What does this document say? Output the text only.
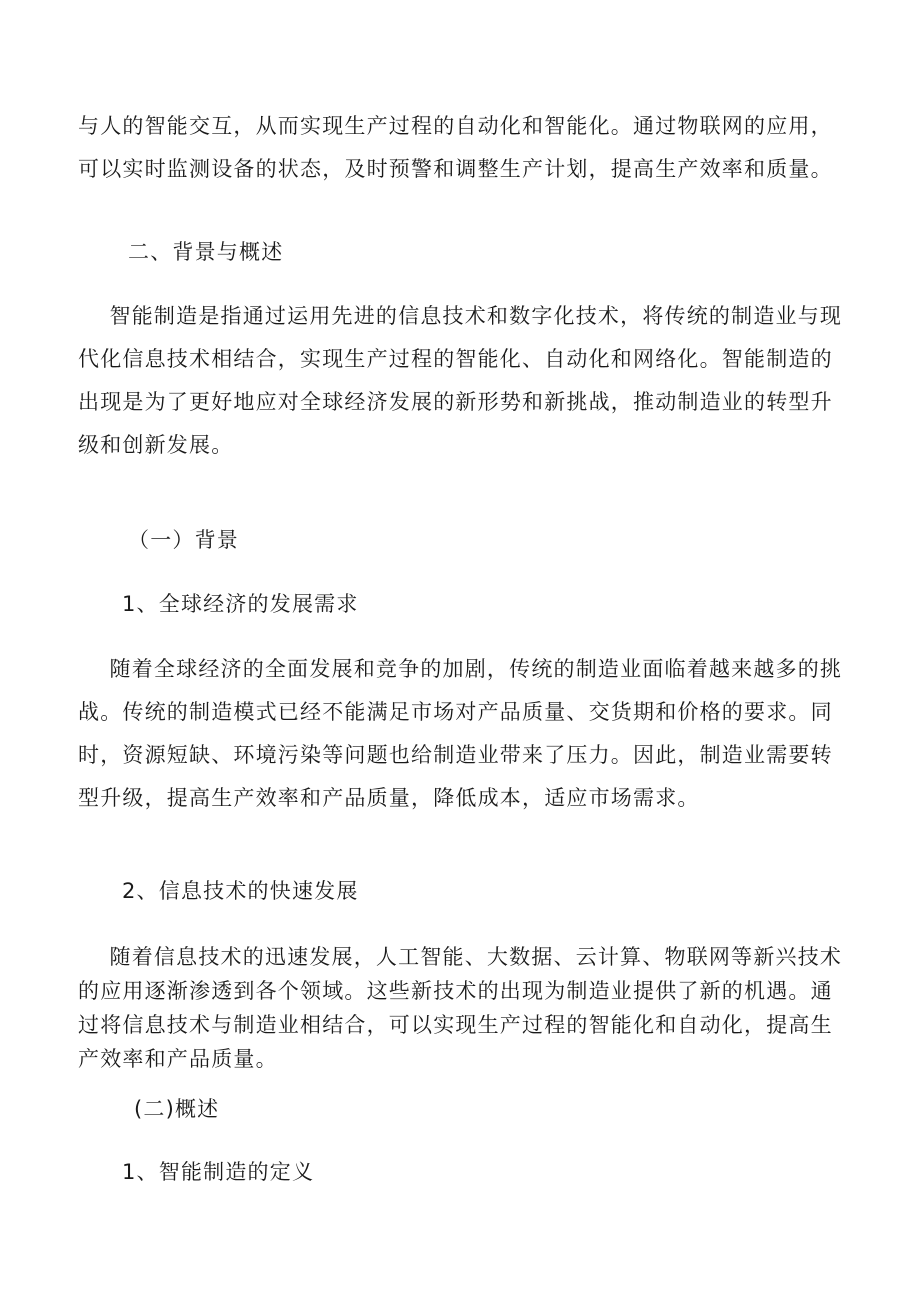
与人的智能交互，从而实现生产过程的自动化和智能化。通过物联网的应用，可以实时监测设备的状态，及时预警和调整生产计划，提高生产效率和质量。

二、背景与概述

智能制造是指通过运用先进的信息技术和数字化技术，将传统的制造业与现代化信息技术相结合，实现生产过程的智能化、自动化和网络化。智能制造的出现是为了更好地应对全球经济发展的新形势和新挑战，推动制造业的转型升级和创新发展。

（一）背景
1、全球经济的发展需求

随着全球经济的全面发展和竞争的加剧，传统的制造业面临着越来越多的挑战。传统的制造模式已经不能满足市场对产品质量、交货期和价格的要求。同时，资源短缺、环境污染等问题也给制造业带来了压力。因此，制造业需要转型升级，提高生产效率和产品质量，降低成本，适应市场需求。

2、信息技术的快速发展

随着信息技术的迅速发展，人工智能、大数据、云计算、物联网等新兴技术的应用逐渐渗透到各个领域。这些新技术的出现为制造业提供了新的机遇。通过将信息技术与制造业相结合，可以实现生产过程的智能化和自动化，提高生产效率和产品质量。

(二)概述
1、智能制造的定义
